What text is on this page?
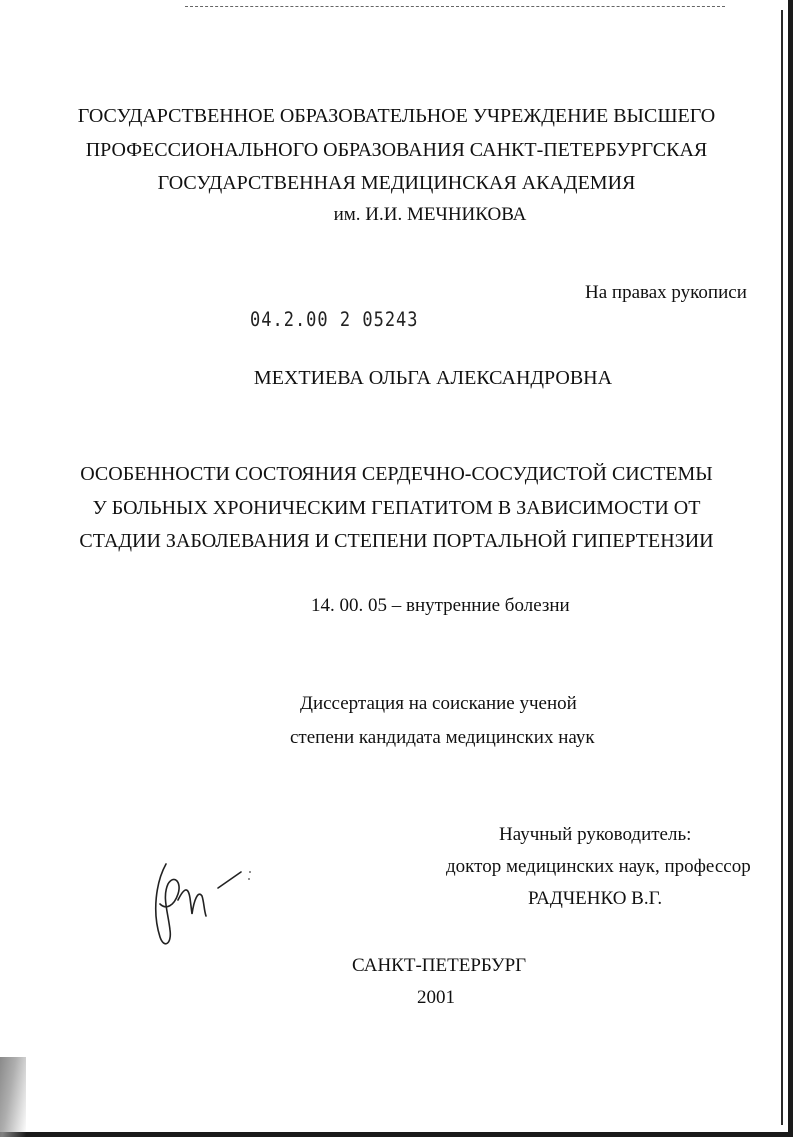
ГОСУДАРСТВЕННОЕ ОБРАЗОВАТЕЛЬНОЕ УЧРЕЖДЕНИЕ ВЫСШЕГО
ПРОФЕССИОНАЛЬНОГО ОБРАЗОВАНИЯ САНКТ-ПЕТЕРБУРГСКАЯ
ГОСУДАРСТВЕННАЯ МЕДИЦИНСКАЯ АКАДЕМИЯ
им. И.И. МЕЧНИКОВА
На правах рукописи
04.2.00 2 05243
МЕХТИЕВА ОЛЬГА АЛЕКСАНДРОВНА
ОСОБЕННОСТИ СОСТОЯНИЯ СЕРДЕЧНО-СОСУДИСТОЙ СИСТЕМЫ
У БОЛЬНЫХ ХРОНИЧЕСКИМ ГЕПАТИТОМ В ЗАВИСИМОСТИ ОТ
СТАДИИ ЗАБОЛЕВАНИЯ И СТЕПЕНИ ПОРТАЛЬНОЙ ГИПЕРТЕНЗИИ
14. 00. 05 – внутренние болезни
Диссертация на соискание ученой
степени кандидата медицинских наук
Научный руководитель:
доктор медицинских наук, профессор
РАДЧЕНКО В.Г.
САНКТ-ПЕТЕРБУРГ
2001
